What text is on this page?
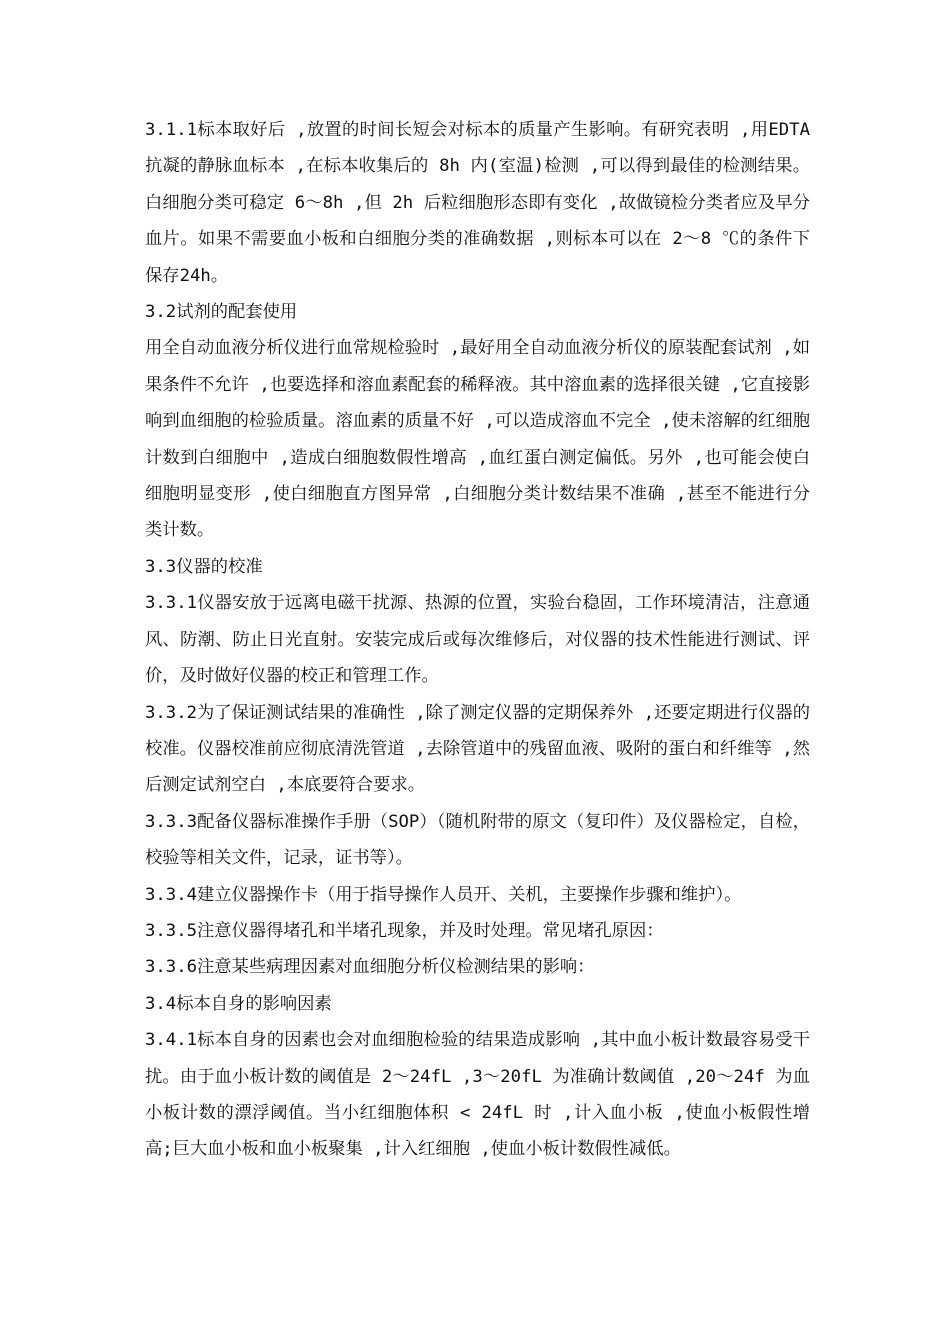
3.1.1标本取好后 ,放置的时间长短会对标本的质量产生影响。有研究表明 ,用EDTA 抗凝的静脉血标本 ,在标本收集后的 8h 内(室温)检测 ,可以得到最佳的检测结果。白细胞分类可稳定 6～8h ,但 2h 后粒细胞形态即有变化 ,故做镜检分类者应及早分血片。如果不需要血小板和白细胞分类的准确数据 ,则标本可以在 2～8 ℃的条件下保存24h。

3.2试剂的配套使用

用全自动血液分析仪进行血常规检验时 ,最好用全自动血液分析仪的原装配套试剂 ,如果条件不允许 ,也要选择和溶血素配套的稀释液。其中溶血素的选择很关键 ,它直接影响到血细胞的检验质量。溶血素的质量不好 ,可以造成溶血不完全 ,使未溶解的红细胞计数到白细胞中 ,造成白细胞数假性增高 ,血红蛋白测定偏低。另外 ,也可能会使白细胞明显变形 ,使白细胞直方图异常 ,白细胞分类计数结果不准确 ,甚至不能进行分类计数。

3.3仪器的校准

3.3.1仪器安放于远离电磁干扰源、热源的位置，实验台稳固，工作环境清洁，注意通风、防潮、防止日光直射。安装完成后或每次维修后，对仪器的技术性能进行测试、评价，及时做好仪器的校正和管理工作。

3.3.2为了保证测试结果的准确性 ,除了测定仪器的定期保养外 ,还要定期进行仪器的校准。仪器校准前应彻底清洗管道 ,去除管道中的残留血液、吸附的蛋白和纤维等 ,然后测定试剂空白 ,本底要符合要求。

3.3.3配备仪器标准操作手册（SOP）（随机附带的原文（复印件）及仪器检定，自检，校验等相关文件，记录，证书等）。

3.3.4建立仪器操作卡（用于指导操作人员开、关机，主要操作步骤和维护）。

3.3.5注意仪器得堵孔和半堵孔现象，并及时处理。常见堵孔原因：

3.3.6注意某些病理因素对血细胞分析仪检测结果的影响：

3.4标本自身的影响因素

3.4.1标本自身的因素也会对血细胞检验的结果造成影响 ,其中血小板计数最容易受干扰。由于血小板计数的阈值是 2～24fL ,3～20fL 为准确计数阈值 ,20～24f 为血小板计数的漂浮阈值。当小红细胞体积 < 24fL 时 ,计入血小板 ,使血小板假性增高;巨大血小板和血小板聚集 ,计入红细胞 ,使血小板计数假性减低。
